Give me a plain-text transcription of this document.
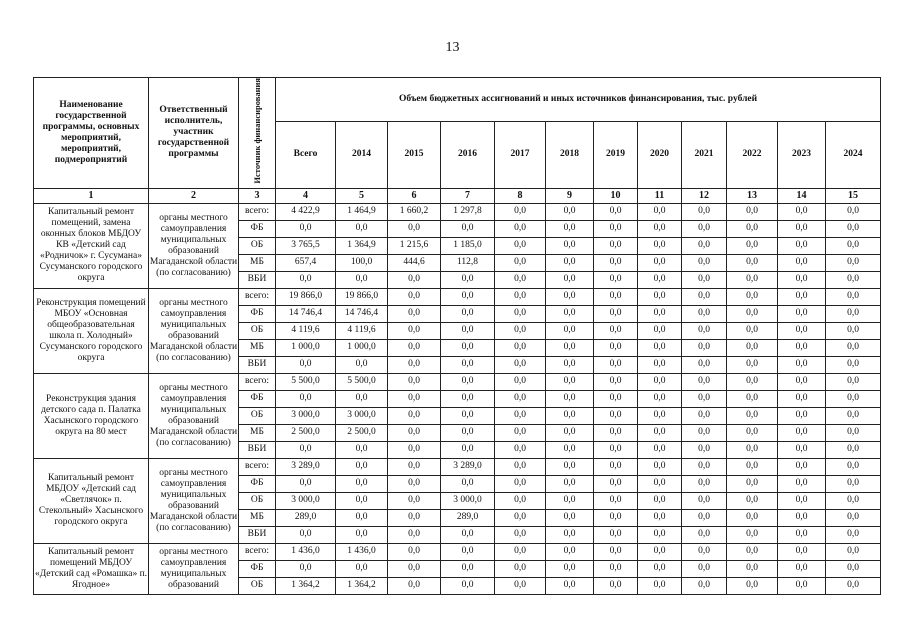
13
Наименование государственной программы, основных мероприятий, мероприятий, подмероприятий	Ответственный исполнитель, участник государственной программы	Источник финансирования	Объем бюджетных ассигнований и иных источников финансирования, тыс. рублей											
			Всего	2014	2015	2016	2017	2018	2019	2020	2021	2022	2023	2024
1	2	3	4	5	6	7	8	9	10	11	12	13	14	15
Капитальный ремонт помещений, замена оконных блоков МБДОУ КВ «Детский сад «Родничок» г. Сусумана» Сусуманского городского округа	органы местного самоуправления муниципальных образований Магаданской области (по согласованию)	всего:	4 422,9	1 464,9	1 660,2	1 297,8	0,0	0,0	0,0	0,0	0,0	0,0	0,0	0,0
		ФБ	0,0	0,0	0,0	0,0	0,0	0,0	0,0	0,0	0,0	0,0	0,0	0,0
		ОБ	3 765,5	1 364,9	1 215,6	1 185,0	0,0	0,0	0,0	0,0	0,0	0,0	0,0	0,0
		МБ	657,4	100,0	444,6	112,8	0,0	0,0	0,0	0,0	0,0	0,0	0,0	0,0
		ВБИ	0,0	0,0	0,0	0,0	0,0	0,0	0,0	0,0	0,0	0,0	0,0	0,0
Реконструкция помещений МБОУ «Основная общеобразовательная школа п. Холодный» Сусуманского городского округа	органы местного самоуправления муниципальных образований Магаданской области (по согласованию)	всего:	19 866,0	19 866,0	0,0	0,0	0,0	0,0	0,0	0,0	0,0	0,0	0,0	0,0
		ФБ	14 746,4	14 746,4	0,0	0,0	0,0	0,0	0,0	0,0	0,0	0,0	0,0	0,0
		ОБ	4 119,6	4 119,6	0,0	0,0	0,0	0,0	0,0	0,0	0,0	0,0	0,0	0,0
		МБ	1 000,0	1 000,0	0,0	0,0	0,0	0,0	0,0	0,0	0,0	0,0	0,0	0,0
		ВБИ	0,0	0,0	0,0	0,0	0,0	0,0	0,0	0,0	0,0	0,0	0,0	0,0
Реконструкция здания детского сада п. Палатка Хасынского городского округа на 80 мест	органы местного самоуправления муниципальных образований Магаданской области (по согласованию)	всего:	5 500,0	5 500,0	0,0	0,0	0,0	0,0	0,0	0,0	0,0	0,0	0,0	0,0
		ФБ	0,0	0,0	0,0	0,0	0,0	0,0	0,0	0,0	0,0	0,0	0,0	0,0
		ОБ	3 000,0	3 000,0	0,0	0,0	0,0	0,0	0,0	0,0	0,0	0,0	0,0	0,0
		МБ	2 500,0	2 500,0	0,0	0,0	0,0	0,0	0,0	0,0	0,0	0,0	0,0	0,0
		ВБИ	0,0	0,0	0,0	0,0	0,0	0,0	0,0	0,0	0,0	0,0	0,0	0,0
Капитальный ремонт МБДОУ «Детский сад «Светлячок» п. Стекольный» Хасынского городского округа	органы местного самоуправления муниципальных образований Магаданской области (по согласованию)	всего:	3 289,0	0,0	0,0	3 289,0	0,0	0,0	0,0	0,0	0,0	0,0	0,0	0,0
		ФБ	0,0	0,0	0,0	0,0	0,0	0,0	0,0	0,0	0,0	0,0	0,0	0,0
		ОБ	3 000,0	0,0	0,0	3 000,0	0,0	0,0	0,0	0,0	0,0	0,0	0,0	0,0
		МБ	289,0	0,0	0,0	289,0	0,0	0,0	0,0	0,0	0,0	0,0	0,0	0,0
		ВБИ	0,0	0,0	0,0	0,0	0,0	0,0	0,0	0,0	0,0	0,0	0,0	0,0
Капитальный ремонт помещений МБДОУ «Детский сад «Ромашка» п. Ягодное»	органы местного самоуправления муниципальных образований	всего:	1 436,0	1 436,0	0,0	0,0	0,0	0,0	0,0	0,0	0,0	0,0	0,0	0,0
		ФБ	0,0	0,0	0,0	0,0	0,0	0,0	0,0	0,0	0,0	0,0	0,0	0,0
		ОБ	1 364,2	1 364,2	0,0	0,0	0,0	0,0	0,0	0,0	0,0	0,0	0,0	0,0
